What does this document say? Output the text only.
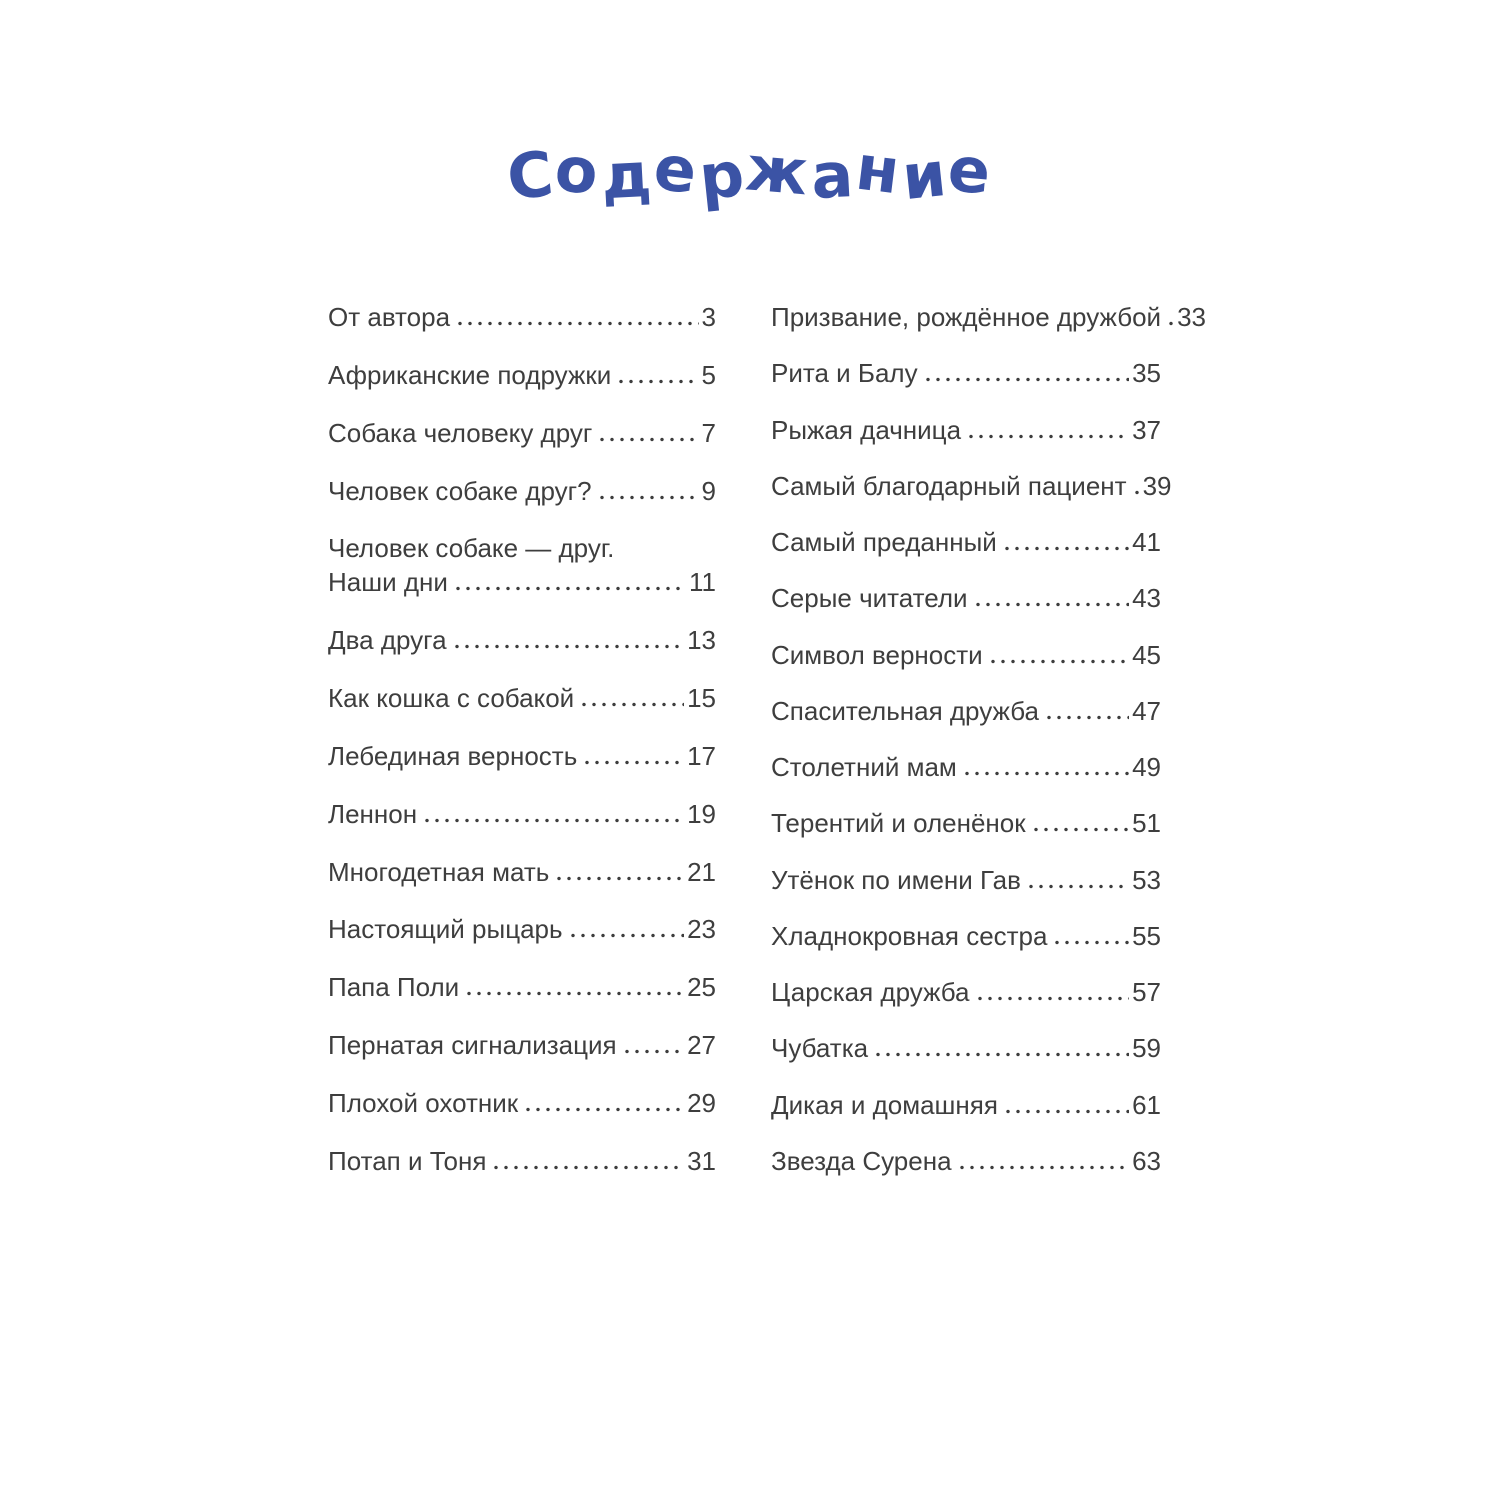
Содержание
От автора	3
Африканские подружки	5
Собака человеку друг	7
Человек собаке друг?	9
Человек собаке — друг.
Наши дни	11
Два друга	13
Как кошка с собакой	15
Лебединая верность	17
Леннон	19
Многодетная мать	21
Настоящий рыцарь	23
Папа Поли	25
Пернатая сигнализация	27
Плохой охотник	29
Потап и Тоня	31
Призвание, рождённое дружбой 33
Рита и Балу	35
Рыжая дачница	37
Самый благодарный пациент 39
Самый преданный	41
Серые читатели	43
Символ верности	45
Спасительная дружба	47
Столетний мам	49
Терентий и оленёнок	51
Утёнок по имени Гав	53
Хладнокровная сестра	55
Царская дружба	57
Чубатка	59
Дикая и домашняя	61
Звезда Сурена	63
